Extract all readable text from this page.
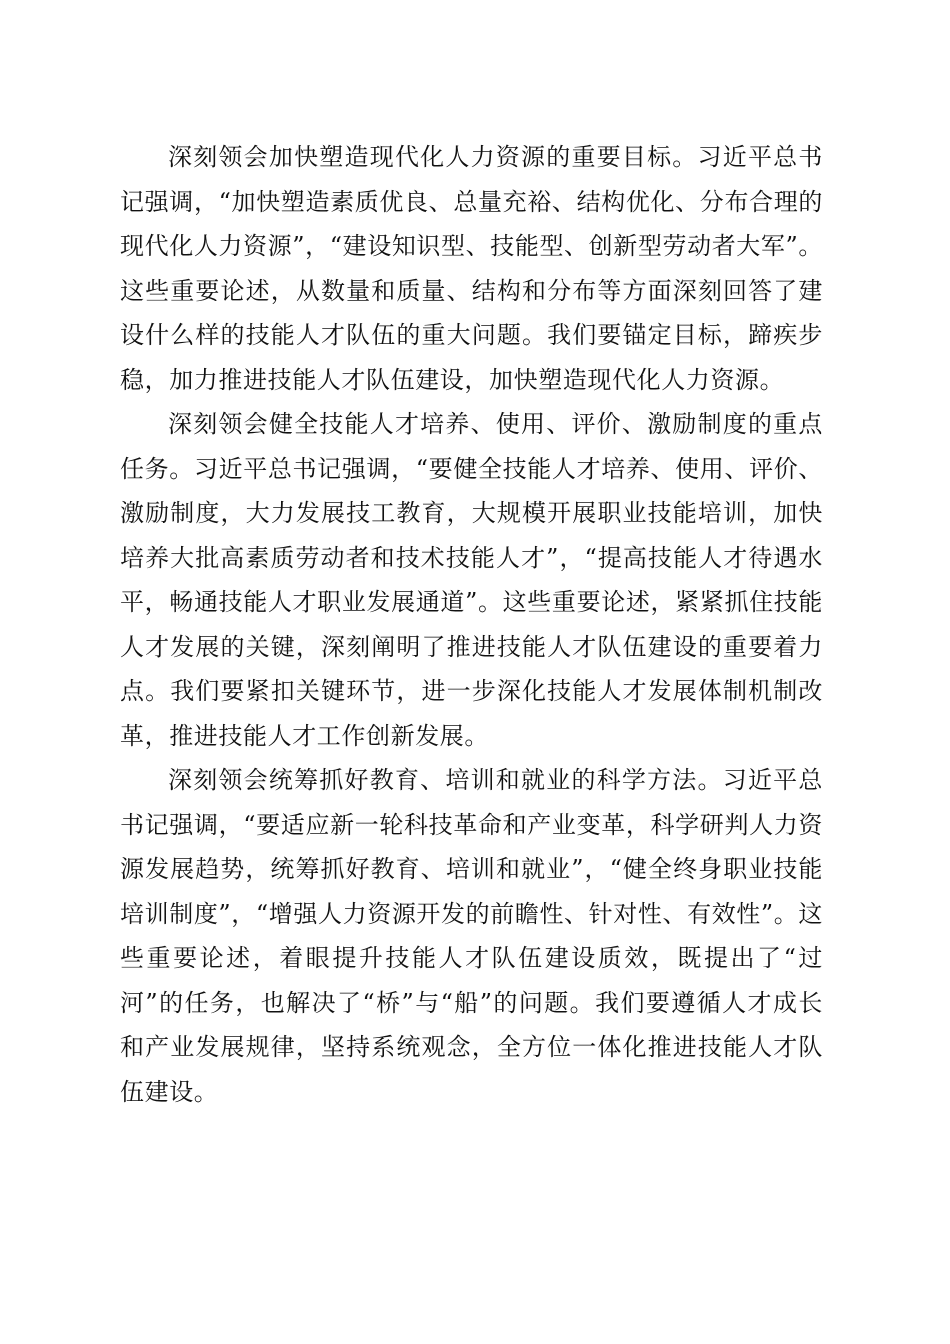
深刻领会加快塑造现代化人力资源的重要目标。习近平总书记强调，“加快塑造素质优良、总量充裕、结构优化、分布合理的现代化人力资源”，“建设知识型、技能型、创新型劳动者大军”。这些重要论述，从数量和质量、结构和分布等方面深刻回答了建设什么样的技能人才队伍的重大问题。我们要锚定目标，蹄疾步稳，加力推进技能人才队伍建设，加快塑造现代化人力资源。

深刻领会健全技能人才培养、使用、评价、激励制度的重点任务。习近平总书记强调，“要健全技能人才培养、使用、评价、激励制度，大力发展技工教育，大规模开展职业技能培训，加快培养大批高素质劳动者和技术技能人才”，“提高技能人才待遇水平，畅通技能人才职业发展通道”。这些重要论述，紧紧抓住技能人才发展的关键，深刻阐明了推进技能人才队伍建设的重要着力点。我们要紧扣关键环节，进一步深化技能人才发展体制机制改革，推进技能人才工作创新发展。

深刻领会统筹抓好教育、培训和就业的科学方法。习近平总书记强调，“要适应新一轮科技革命和产业变革，科学研判人力资源发展趋势，统筹抓好教育、培训和就业”，“健全终身职业技能培训制度”，“增强人力资源开发的前瞻性、针对性、有效性”。这些重要论述，着眼提升技能人才队伍建设质效，既提出了“过河”的任务，也解决了“桥”与“船”的问题。我们要遵循人才成长和产业发展规律，坚持系统观念，全方位一体化推进技能人才队伍建设。
